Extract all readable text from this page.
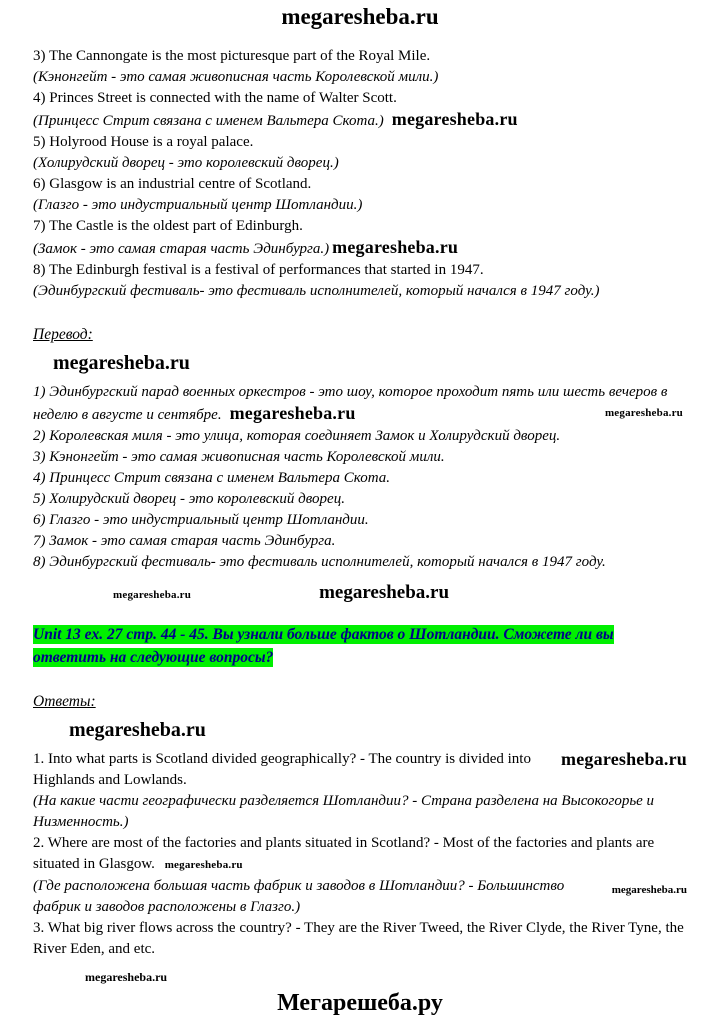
megaresheba.ru

3) The Cannongate is the most picturesque part of the Royal Mile.

(Кэнонгейт - это самая живописная часть Королевской мили.)

4) Princes Street is connected with the name of Walter Scott.

(Принцесс Стрит связана с именем Вальтера Скота.) megaresheba.ru

5) Holyrood House is a royal palace.

(Холирудский дворец - это королевский дворец.)

6) Glasgow is an industrial centre of Scotland.

(Глазго - это индустриальный центр Шотландии.)

7) The Castle is the oldest part of Edinburgh.

(Замок - это самая старая часть Эдинбурга.) megaresheba.ru

8) The Edinburgh festival is a festival of performances that started in 1947.

(Эдинбургский фестиваль- это фестиваль исполнителей, который начался в 1947 году.)

Перевод:

megaresheba.ru

1) Эдинбургский парад военных оркестров - это шоу, которое проходит пять или шесть вечеров в неделю в августе и сентябре. megaresheba.ru	megaresheba.ru

2) Королевская миля - это улица, которая соединяет Замок и Холирудский дворец.

3) Кэнонгейт - это самая живописная часть Королевской мили.

4) Принцесс Стрит связана с именем Вальтера Скота.

5) Холирудский дворец - это королевский дворец.

6) Глазго - это индустриальный центр Шотландии.

7) Замок - это самая старая часть Эдинбурга.

8) Эдинбургский фестиваль- это фестиваль исполнителей, который начался в 1947 году.

megaresheba.ru	megaresheba.ru

Unit 13 ex. 27 стр. 44 - 45. Вы узнали больше фактов о Шотландии. Сможете ли вы ответить на следующие вопросы?

Ответы:

megaresheba.ru

megaresheba.ru
1. Into what parts is Scotland divided geographically? - The country is divided into Highlands and Lowlands.

(На какие части географически разделяется Шотландии? - Страна разделена на Высокогорье и Низменность.)

2. Where are most of the factories and plants situated in Scotland? - Most of the factories and plants are situated in Glasgow. megaresheba.ru

megaresheba.ru
(Где расположена большая часть фабрик и заводов в Шотландии? - Большинство фабрик и заводов расположены в Глазго.)

3. What big river flows across the country? - They are the River Tweed, the River Clyde, the River Tyne, the River Eden, and etc.

megaresheba.ru
Мегарешеба.ру
